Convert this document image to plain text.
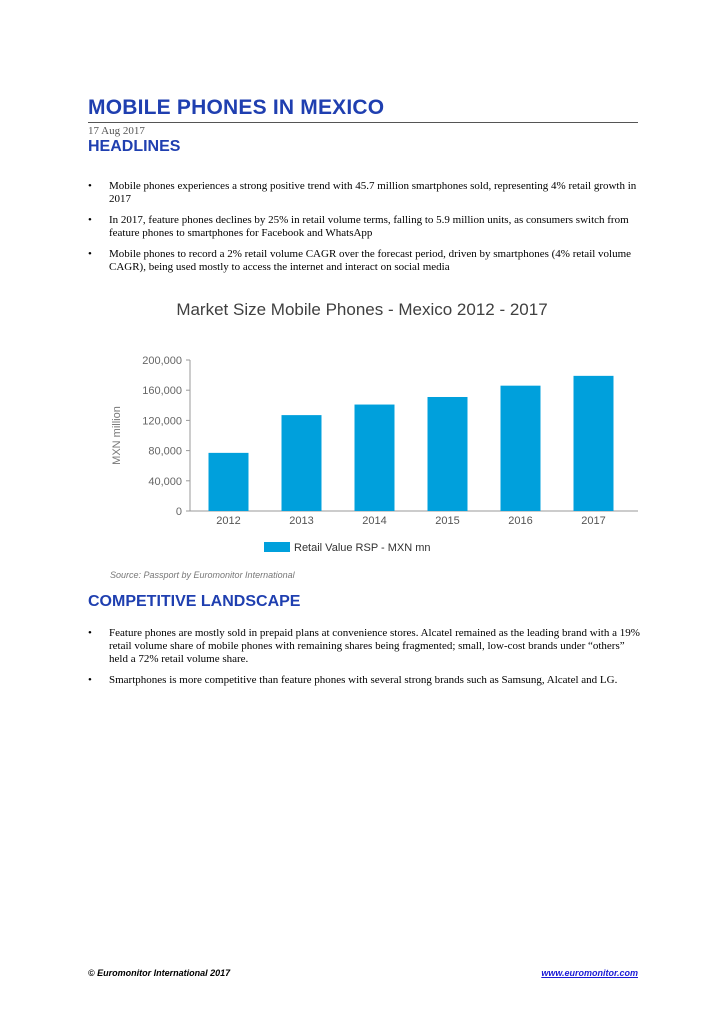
MOBILE PHONES IN MEXICO
17 Aug 2017
HEADLINES
• Mobile phones experiences a strong positive trend with 45.7 million smartphones sold, representing 4% retail growth in 2017
• In 2017, feature phones declines by 25% in retail volume terms, falling to 5.9 million units, as consumers switch from feature phones to smartphones for Facebook and WhatsApp
• Mobile phones to record a 2% retail volume CAGR over the forecast period, driven by smartphones (4% retail volume CAGR), being used mostly to access the internet and interact on social media
Market Size Mobile Phones - Mexico 2012 - 2017
0
40,000
80,000
120,000
160,000
200,000
MXN million
2012	2013	2014	2015	2016	2017
Retail Value RSP - MXN mn
Source: Passport by Euromonitor International
COMPETITIVE LANDSCAPE
• Feature phones are mostly sold in prepaid plans at convenience stores. Alcatel remained as the leading brand with a 19% retail volume share of mobile phones with remaining shares being fragmented; small, low-cost brands under “others” held a 72% retail volume share.
• Smartphones is more competitive than feature phones with several strong brands such as Samsung, Alcatel and LG.
© Euromonitor International 2017	www.euromonitor.com
